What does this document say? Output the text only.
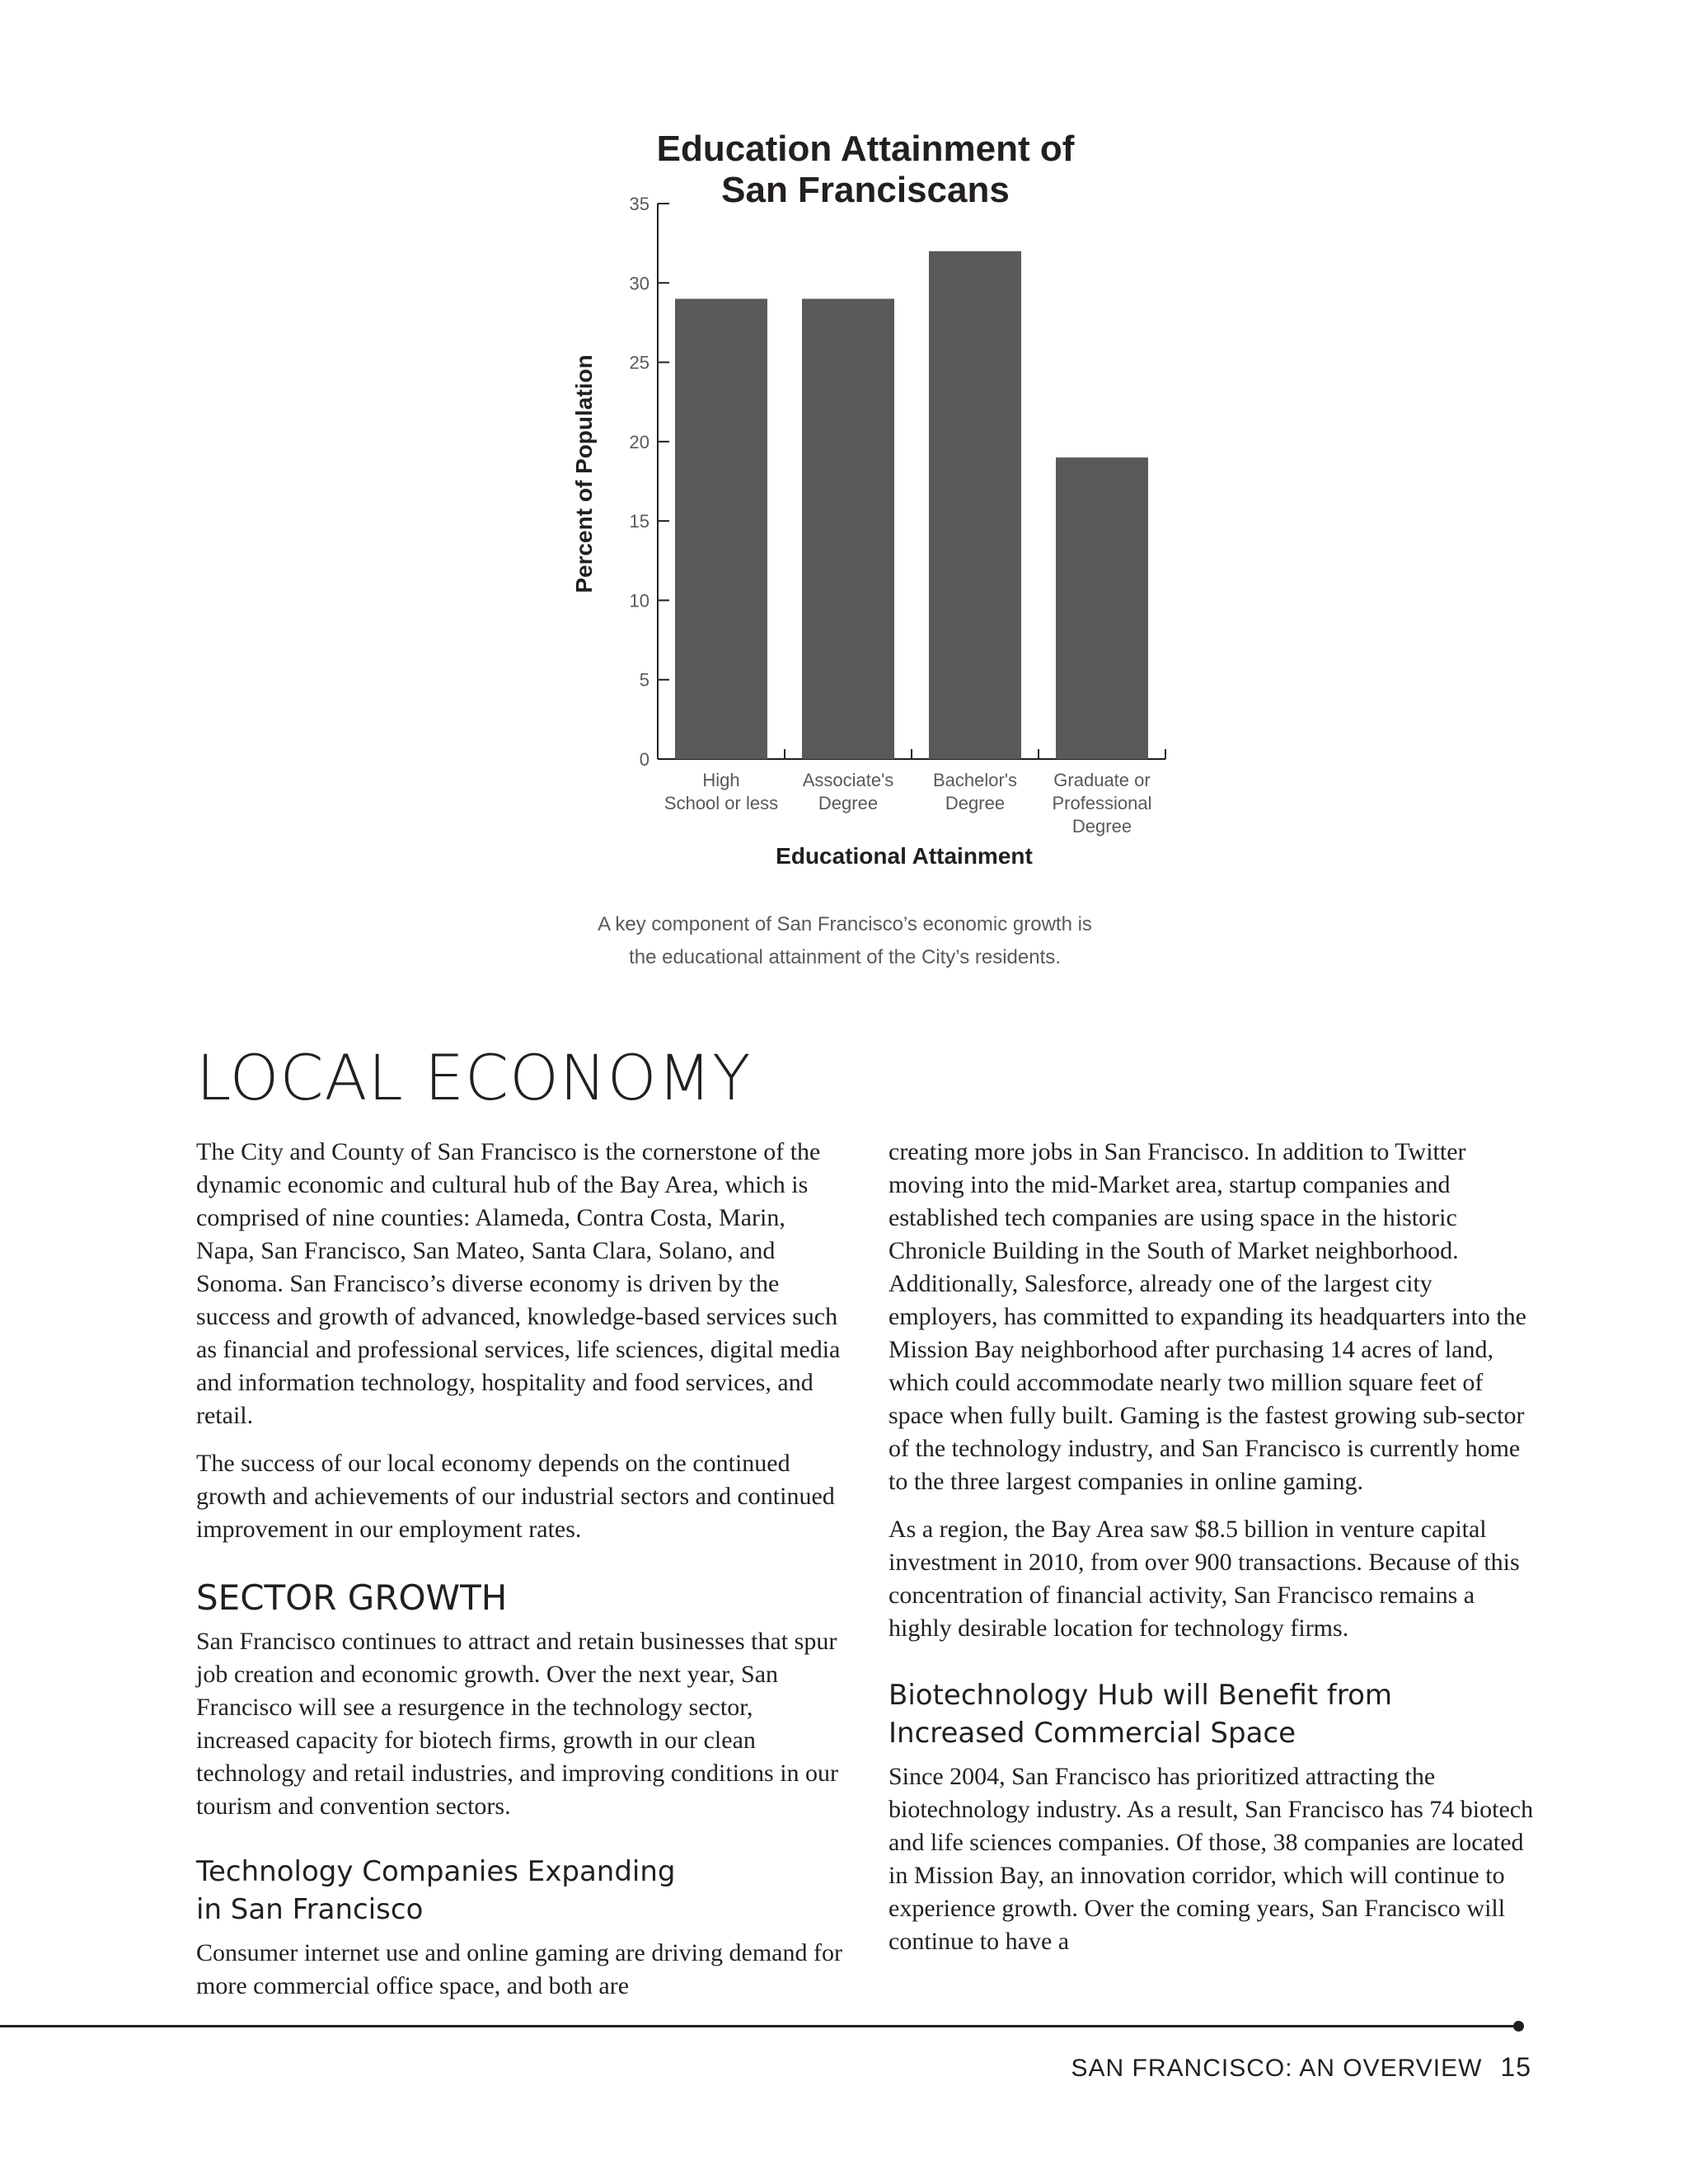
Education Attainment of
San Franciscans
0
5
10
15
20
25
30
35
Percent of Population
High
School or less
Associate's
Degree
Bachelor's
Degree
Graduate or
Professional
Degree
Educational Attainment
A key component of San Francisco’s economic growth is
the educational attainment of the City’s residents.
LOCAL ECONOMY

The City and County of San Francisco is the cornerstone of the dynamic economic and cultural hub of the Bay Area, which is comprised of nine counties: Alameda, Contra Costa, Marin, Napa, San Francisco, San Mateo, Santa Clara, Solano, and Sonoma. San Francisco’s diverse economy is driven by the success and growth of advanced, knowledge-based services such as financial and professional services, life sciences, digital media and information technology, hospitality and food services, and retail.

The success of our local economy depends on the continued growth and achievements of our industrial sectors and continued improvement in our employment rates.

SECTOR GROWTH

San Francisco continues to attract and retain businesses that spur job creation and economic growth. Over the next year, San Francisco will see a resurgence in the technology sector, increased capacity for biotech firms, growth in our clean technology and retail industries, and improving conditions in our tourism and convention sectors.

Technology Companies Expanding
in San Francisco

Consumer internet use and online gaming are driving demand for more commercial office space, and both are

creating more jobs in San Francisco. In addition to Twitter moving into the mid-Market area, startup companies and established tech companies are using space in the historic Chronicle Building in the South of Market neighborhood. Additionally, Salesforce, already one of the largest city employers, has committed to expanding its headquarters into the Mission Bay neighborhood after purchasing 14 acres of land, which could accommodate nearly two million square feet of space when fully built. Gaming is the fastest growing sub-sector of the technology industry, and San Francisco is currently home to the three largest companies in online gaming.

As a region, the Bay Area saw $8.5 billion in venture capital investment in 2010, from over 900 transactions. Because of this concentration of financial activity, San Francisco remains a highly desirable location for technology firms.

Biotechnology Hub will Benefit from
Increased Commercial Space

Since 2004, San Francisco has prioritized attracting the biotechnology industry. As a result, San Francisco has 74 biotech and life sciences companies. Of those, 38 companies are located in Mission Bay, an innovation corridor, which will continue to experience growth. Over the coming years, San Francisco will continue to have a

SAN FRANCISCO: AN OVERVIEW 15
